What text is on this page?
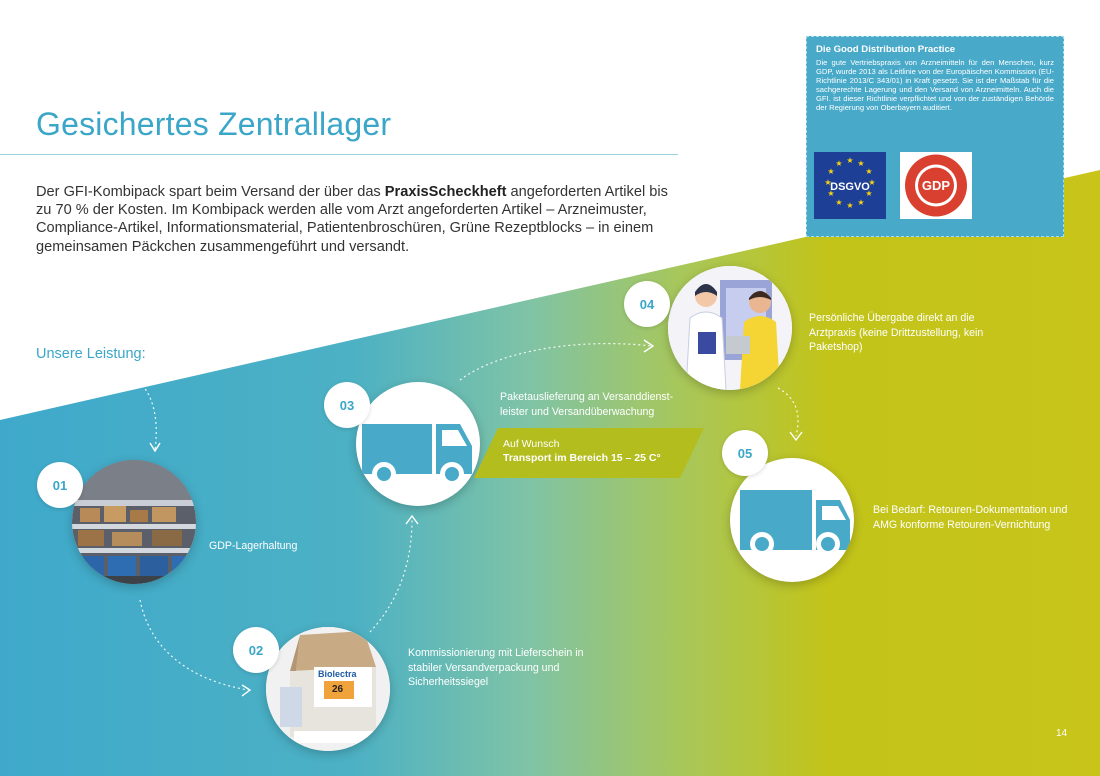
Gesichertes Zentrallager
Der GFI-Kombipack spart beim Versand der über das PraxisScheckheft angeforderten Artikel bis zu 70 % der Kosten. Im Kombipack werden alle vom Arzt angeforderten Artikel – Arzneimuster, Compliance-Artikel, Informationsmaterial, Patientenbroschüren, Grüne Rezeptblocks – in einem gemeinsamen Päckchen zusammengeführt und versandt.
Die Good Distribution Practice
Die gute Vertriebspraxis von Arzneimitteln für den Menschen, kurz GDP, wurde 2013 als Leitlinie von der Europäischen Kommission (EU-Richtlinie 2013/C 343/01) in Kraft gesetzt. Sie ist der Maßstab für die sachgerechte Lagerung und den Versand von Arzneimitteln. Auch die GFI. ist dieser Richtlinie verpflichtet und von der zuständigen Behörde der Regierung von Oberbayern auditiert.
★ ★
★
★
★
★
★
★
★
★
★
★
DSGVO	GDP
Unsere Leistung:
01
GDP-Lagerhaltung
Biolectra
26
02	Kommissionierung mit Lieferschein in stabiler Versandverpackung und Sicherheitssiegel
03
Paketauslieferung an Versanddienst-leister und Versandüberwachung
Auf Wunsch
Transport im Bereich 15 – 25 C°
04
Persönliche Übergabe direkt an die Arztpraxis (keine Drittzustellung, kein Paketshop)
05
Bei Bedarf: Retouren-Dokumentation und AMG konforme Retouren-Vernichtung
14
